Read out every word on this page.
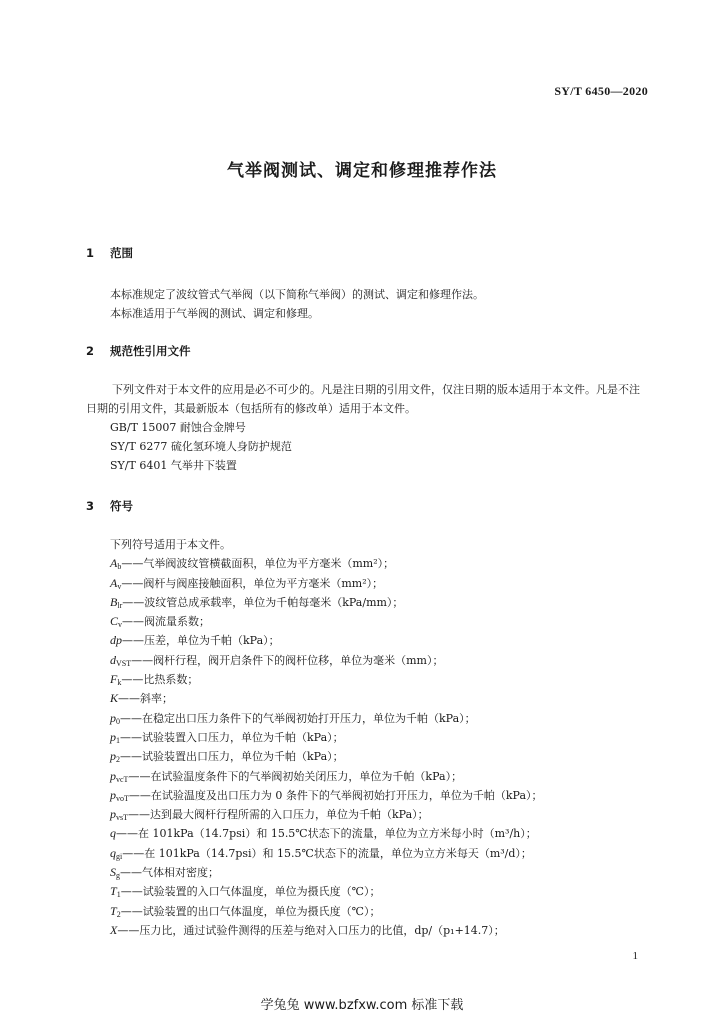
SY/T 6450—2020
气举阀测试、调定和修理推荐作法
1 范围
本标准规定了波纹管式气举阀（以下简称气举阀）的测试、调定和修理作法。
本标准适用于气举阀的测试、调定和修理。
2 规范性引用文件
下列文件对于本文件的应用是必不可少的。凡是注日期的引用文件，仅注日期的版本适用于本文件。凡是不注日期的引用文件，其最新版本（包括所有的修改单）适用于本文件。
GB/T 15007 耐蚀合金牌号
SY/T 6277 硫化氢环境人身防护规范
SY/T 6401 气举井下装置
3 符号
下列符号适用于本文件。
$A_b——$气举阀波纹管横截面积，单位为平方毫米（mm²）；
$A_v——$阀杆与阀座接触面积，单位为平方毫米（mm²）；
$B_{lr}——$波纹管总成承载率，单位为千帕每毫米（kPa/mm）；
$C_v——$阀流量系数；
dp——压差，单位为千帕（kPa）；
$d_{VST}——$阀杆行程，阀开启条件下的阀杆位移，单位为毫米（mm）；
$F_k——$比热系数；
K——斜率；
$p_0——$在稳定出口压力条件下的气举阀初始打开压力，单位为千帕（kPa）；
$p_1——$试验装置入口压力，单位为千帕（kPa）；
$p_2——$试验装置出口压力，单位为千帕（kPa）；
$p_{vcT}——$在试验温度条件下的气举阀初始关闭压力，单位为千帕（kPa）；
$p_{voT}——$在试验温度及出口压力为 0 条件下的气举阀初始打开压力，单位为千帕（kPa）；
$p_{vsT}——$达到最大阀杆行程所需的入口压力，单位为千帕（kPa）；
q——在 101kPa（14.7psi）和 15.5℃状态下的流量，单位为立方米每小时（m³/h）；
$q_{gi}——$在 101kPa（14.7psi）和 15.5℃状态下的流量，单位为立方米每天（m³/d）；
$S_g——$气体相对密度；
$T_1——$试验装置的入口气体温度，单位为摄氏度（℃）；
$T_2——$试验装置的出口气体温度，单位为摄氏度（℃）；
X——压力比，通过试验件测得的压差与绝对入口压力的比值，dp/（p₁+14.7）；
1
学兔兔 www.bzfxw.com 标准下载
